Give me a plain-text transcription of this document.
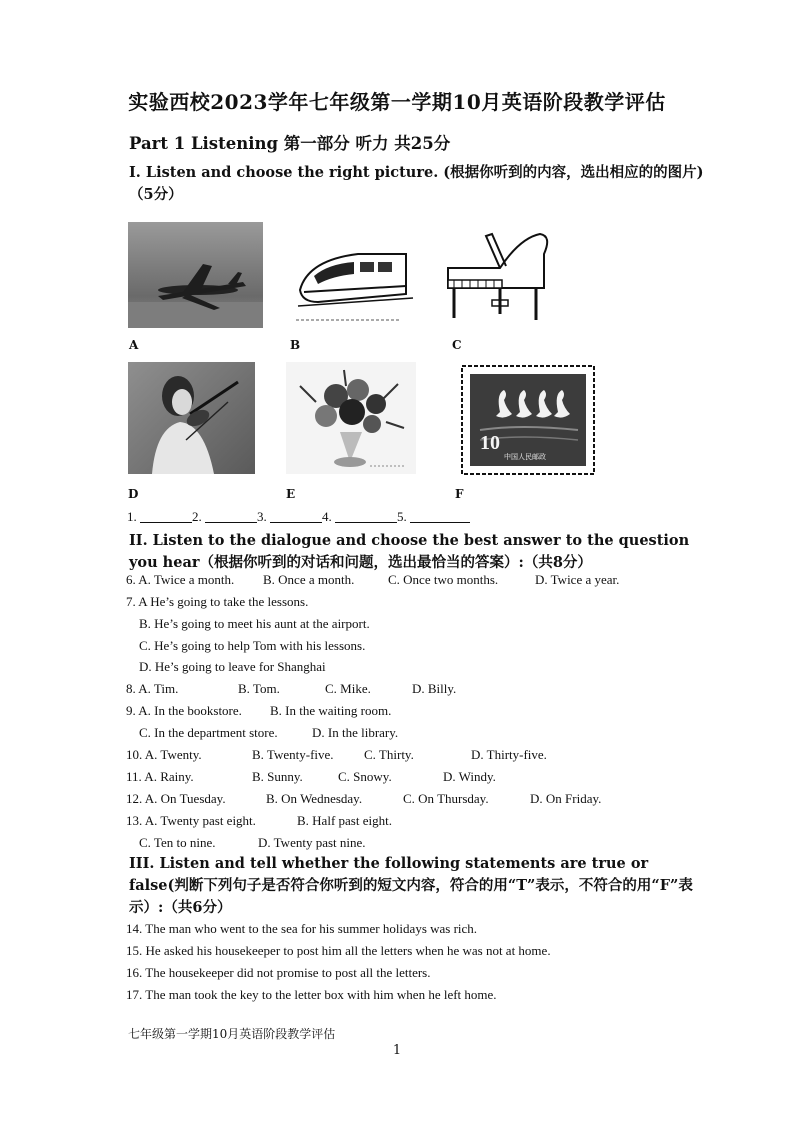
实验西校2023学年七年级第一学期10月英语阶段教学评估
Part 1 Listening 第一部分 听力 共25分
I. Listen and choose the right picture. (根据你听到的内容，选出相应的的图片)（5分）
A	B	C
D	E
10
中国人民邮政
F
1.	2.	3.	4.	5.
II. Listen to the dialogue and choose the best answer to the question you hear（根据你听到的对话和问题，选出最恰当的答案）:（共8分）
6. A. Twice a month. B. Once a month.	C. Once two months.	D. Twice a year.
7. A He’s going to take the lessons.
B. He’s going to meet his aunt at the airport.
C. He’s going to help Tom with his lessons.
D. He’s going to leave for Shanghai
8. A. Tim.	B. Tom.	C. Mike.	D. Billy.
9. A. In the bookstore. B. In the waiting room.
C. In the department store.	D. In the library.
10. A. Twenty.	B. Twenty-five. C. Thirty.	D. Thirty-five.
11. A. Rainy.	B. Sunny.	C. Snowy.	D. Windy.
12. A. On Tuesday.	B. On Wednesday.	C. On Thursday.	D. On Friday.
13. A. Twenty past eight.	B. Half past eight.
C. Ten to nine.	D. Twenty past nine.
III. Listen and tell whether the following statements are true or false(判断下列句子是否符合你听到的短文内容，符合的用“T”表示，不符合的用“F”表示）:（共6分）
14. The man who went to the sea for his summer holidays was rich.
15. He asked his housekeeper to post him all the letters when he was not at home.
16. The housekeeper did not promise to post all the letters.
17. The man took the key to the letter box with him when he left home.
七年级第一学期10月英语阶段教学评估
1
